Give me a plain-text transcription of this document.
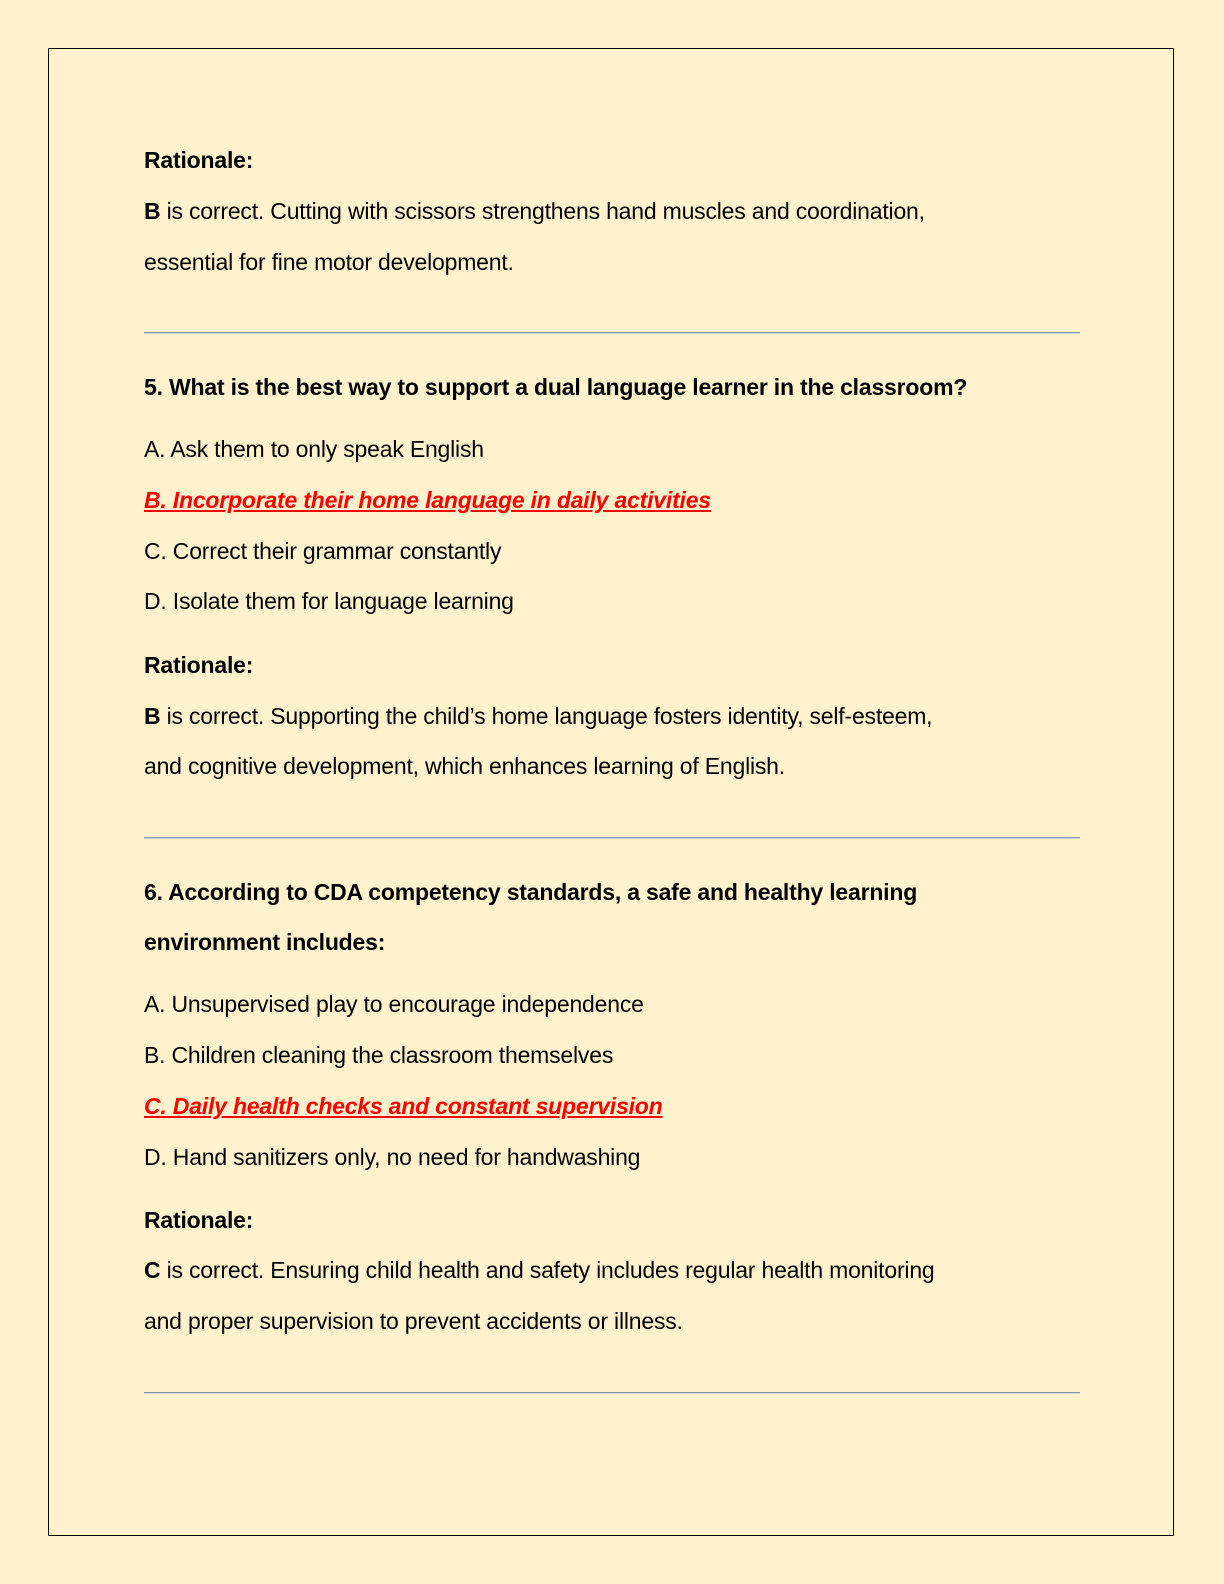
Rationale:
B is correct. Cutting with scissors strengthens hand muscles and coordination,
essential for fine motor development.
5. What is the best way to support a dual language learner in the classroom?
A. Ask them to only speak English
B. Incorporate their home language in daily activities
C. Correct their grammar constantly
D. Isolate them for language learning
Rationale:
B is correct. Supporting the child’s home language fosters identity, self-esteem,
and cognitive development, which enhances learning of English.
6. According to CDA competency standards, a safe and healthy learning
environment includes:
A. Unsupervised play to encourage independence
B. Children cleaning the classroom themselves
C. Daily health checks and constant supervision
D. Hand sanitizers only, no need for handwashing
Rationale:
C is correct. Ensuring child health and safety includes regular health monitoring
and proper supervision to prevent accidents or illness.
